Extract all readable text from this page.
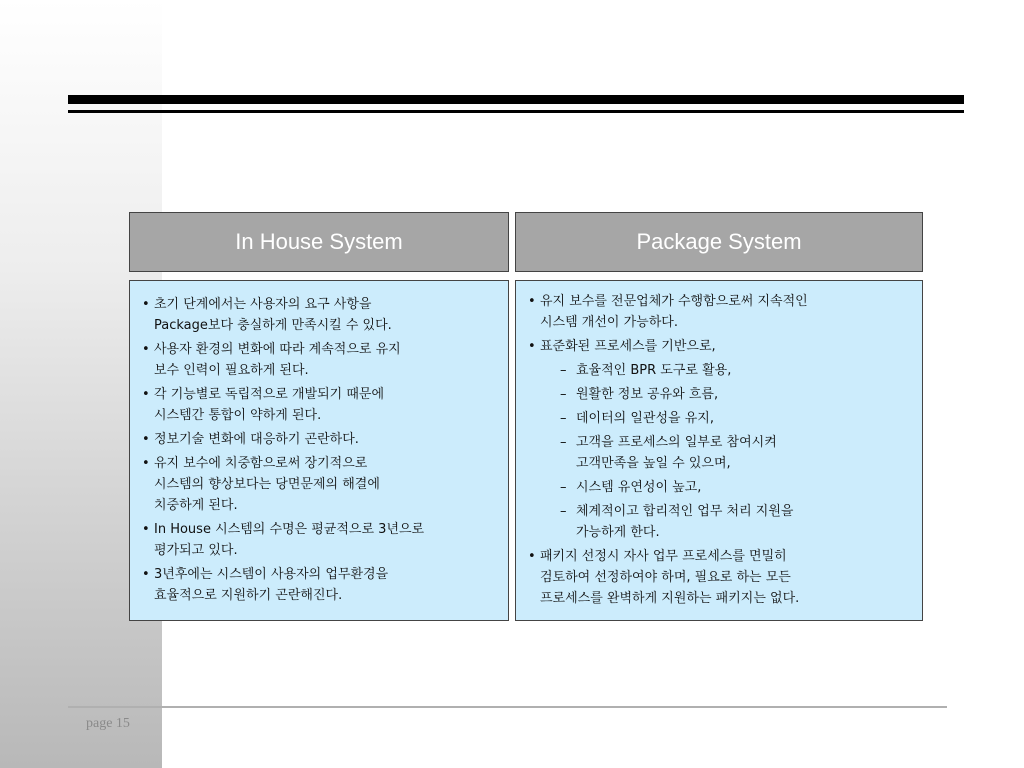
In House System	Package System
• 초기 단계에서는 사용자의 요구 사항을
Package보다 충실하게 만족시킬 수 있다.
• 사용자 환경의 변화에 따라 계속적으로 유지
보수 인력이 필요하게 된다.
• 각 기능별로 독립적으로 개발되기 때문에
시스템간 통합이 약하게 된다.
• 정보기술 변화에 대응하기 곤란하다.
• 유지 보수에 치중함으로써 장기적으로
시스템의 향상보다는 당면문제의 해결에
치중하게 된다.
• In House 시스템의 수명은 평균적으로 3년으로
평가되고 있다.
• 3년후에는 시스템이 사용자의 업무환경을
효율적으로 지원하기 곤란해진다.
• 유지 보수를 전문업체가 수행함으로써 지속적인
시스템 개선이 가능하다.
• 표준화된 프로세스를 기반으로,
– 효율적인 BPR 도구로 활용,
– 원활한 정보 공유와 흐름,
– 데이터의 일관성을 유지,
– 고객을 프로세스의 일부로 참여시켜
고객만족을 높일 수 있으며,
– 시스템 유연성이 높고,
– 체계적이고 합리적인 업무 처리 지원을
가능하게 한다.
• 패키지 선정시 자사 업무 프로세스를 면밀히
검토하여 선정하여야 하며, 필요로 하는 모든
프로세스를 완벽하게 지원하는 패키지는 없다.
page 15
